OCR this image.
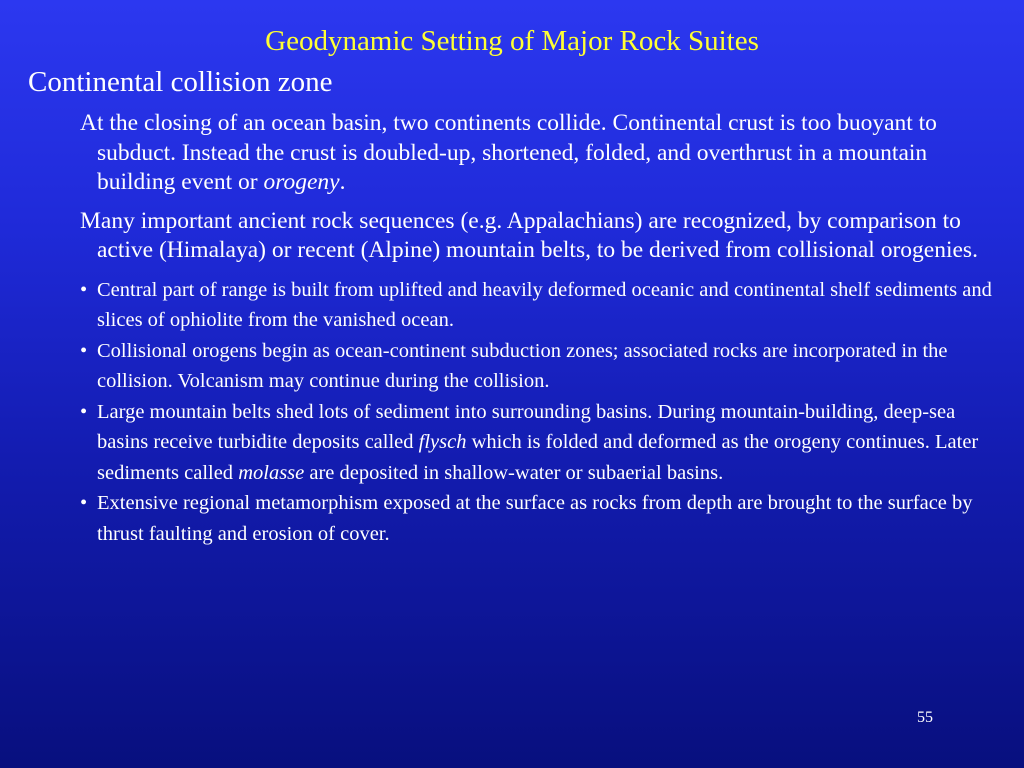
Geodynamic Setting of Major Rock Suites
Continental collision zone

At the closing of an ocean basin, two continents collide. Continental crust is too buoyant to subduct. Instead the crust is doubled-up, shortened, folded, and overthrust in a mountain building event or orogeny.

Many important ancient rock sequences (e.g. Appalachians) are recognized, by comparison to active (Himalaya) or recent (Alpine) mountain belts, to be derived from collisional orogenies.

• Central part of range is built from uplifted and heavily deformed oceanic and continental shelf sediments and slices of ophiolite from the vanished ocean.
• Collisional orogens begin as ocean-continent subduction zones; associated rocks are incorporated in the collision. Volcanism may continue during the collision.
• Large mountain belts shed lots of sediment into surrounding basins. During mountain-building, deep-sea basins receive turbidite deposits called flysch which is folded and deformed as the orogeny continues. Later sediments called molasse are deposited in shallow-water or subaerial basins.
• Extensive regional metamorphism exposed at the surface as rocks from depth are brought to the surface by thrust faulting and erosion of cover.
55
